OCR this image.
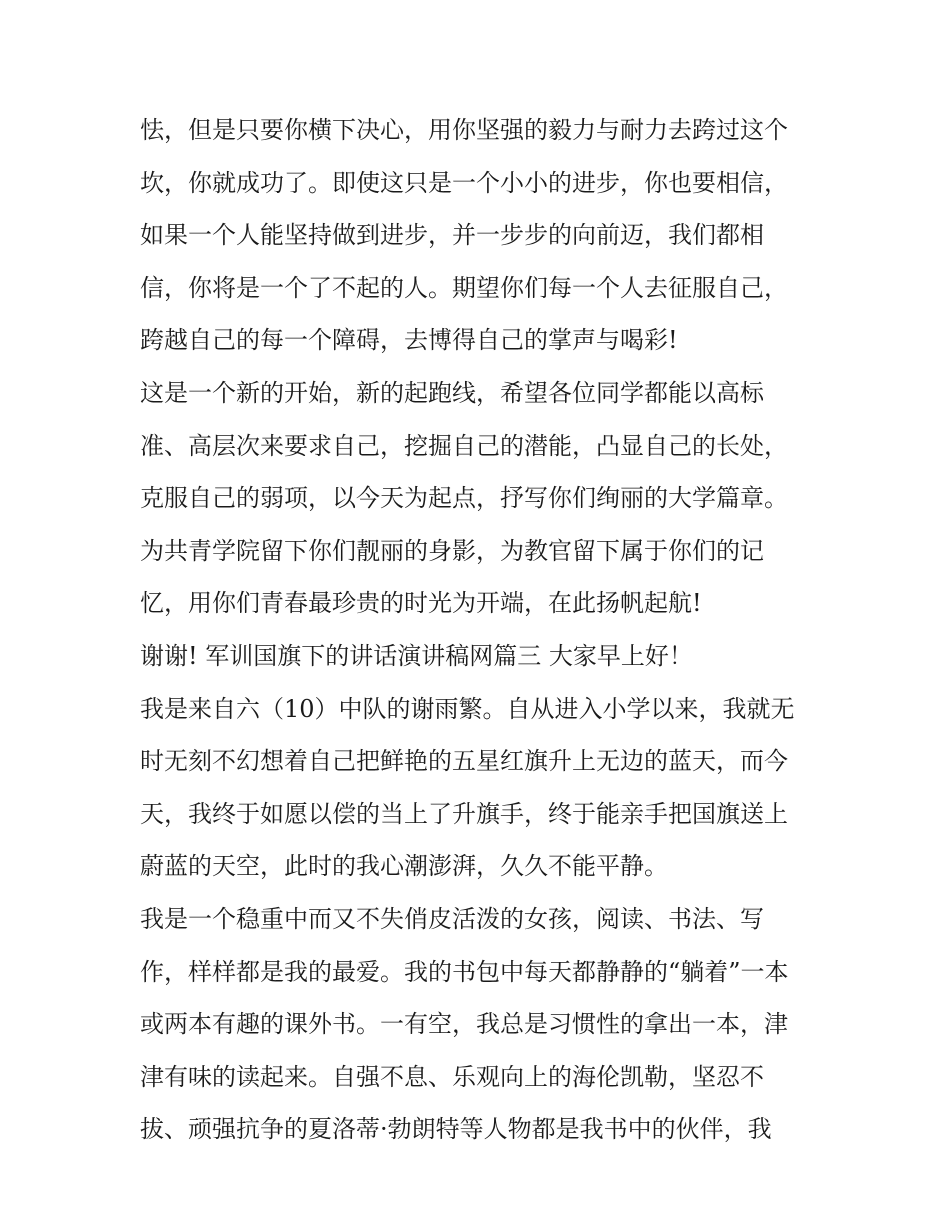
怯，但是只要你横下决心，用你坚强的毅力与耐力去跨过这个
坎，你就成功了。即使这只是一个小小的进步，你也要相信，
如果一个人能坚持做到进步，并一步步的向前迈，我们都相
信，你将是一个了不起的人。期望你们每一个人去征服自己，
跨越自己的每一个障碍，去博得自己的掌声与喝彩!
这是一个新的开始，新的起跑线，希望各位同学都能以高标
准、高层次来要求自己，挖掘自己的潜能，凸显自己的长处，
克服自己的弱项，以今天为起点，抒写你们绚丽的大学篇章。
为共青学院留下你们靓丽的身影，为教官留下属于你们的记
忆，用你们青春最珍贵的时光为开端，在此扬帆起航!
谢谢! 军训国旗下的讲话演讲稿网篇三 大家早上好！
我是来自六（10）中队的谢雨繁。自从进入小学以来，我就无
时无刻不幻想着自己把鲜艳的五星红旗升上无边的蓝天，而今
天，我终于如愿以偿的当上了升旗手，终于能亲手把国旗送上
蔚蓝的天空，此时的我心潮澎湃，久久不能平静。
我是一个稳重中而又不失俏皮活泼的女孩，阅读、书法、写
作，样样都是我的最爱。我的书包中每天都静静的“躺着”一本
或两本有趣的课外书。一有空，我总是习惯性的拿出一本，津
津有味的读起来。自强不息、乐观向上的海伦凯勒，坚忍不
拔、顽强抗争的夏洛蒂·勃朗特等人物都是我书中的伙伴，我
